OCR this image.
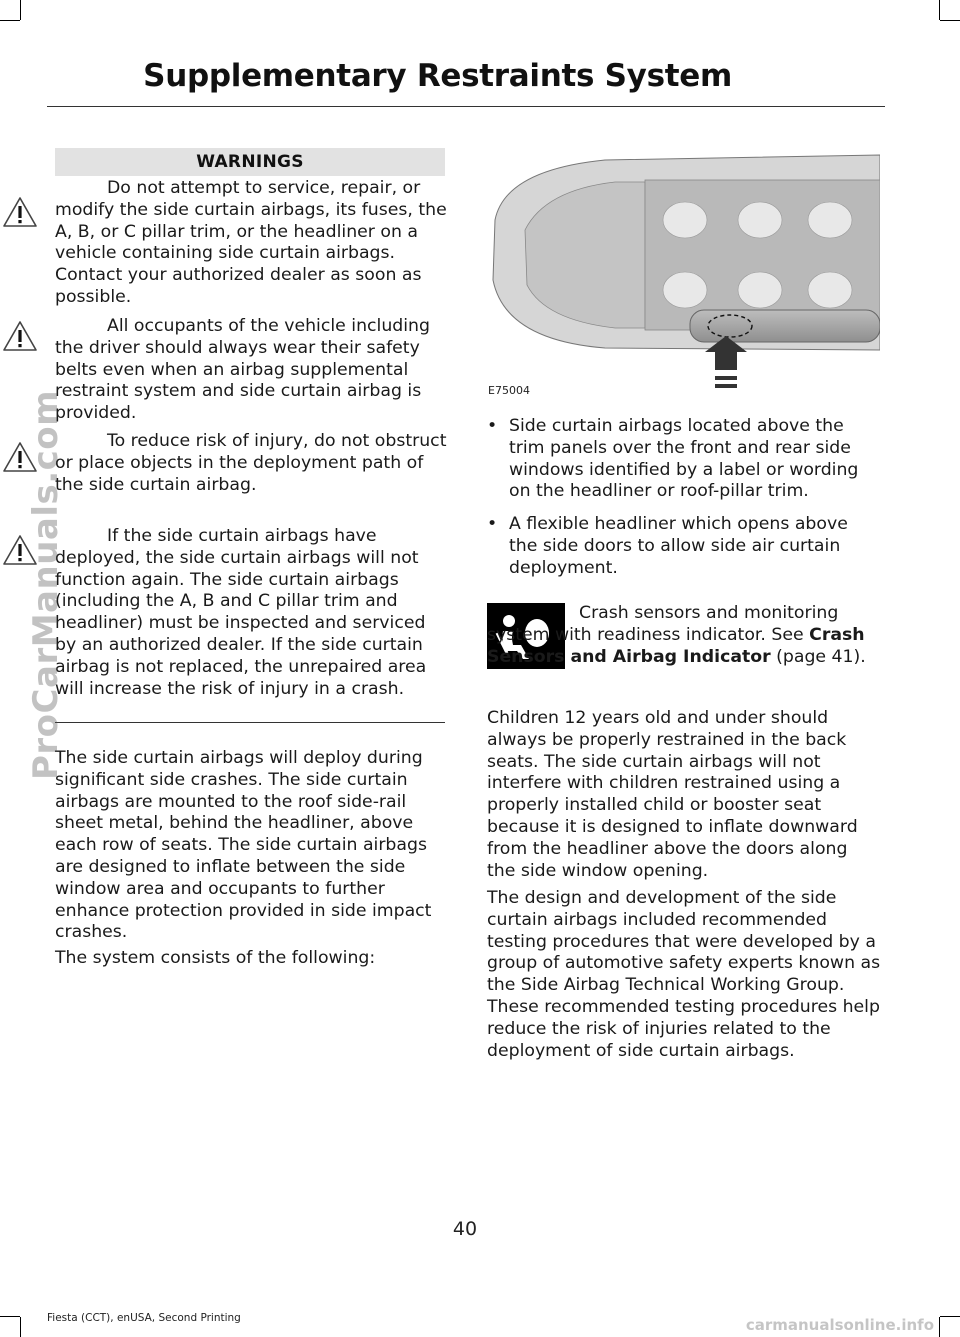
Supplementary Restraints System
WARNINGS

Do not attempt to service, repair, or modify the side curtain airbags, its fuses, the A, B, or C pillar trim, or the headliner on a vehicle containing side curtain airbags. Contact your authorized dealer as soon as possible.

All occupants of the vehicle including the driver should always wear their safety belts even when an airbag supplemental restraint system and side curtain airbag is provided.

To reduce risk of injury, do not obstruct or place objects in the deployment path of the side curtain airbag.

If the side curtain airbags have deployed, the side curtain airbags will not function again. The side curtain airbags (including the A, B and C pillar trim and headliner) must be inspected and serviced by an authorized dealer. If the side curtain airbag is not replaced, the unrepaired area will increase the risk of injury in a crash.

The side curtain airbags will deploy during significant side crashes. The side curtain airbags are mounted to the roof side-rail sheet metal, behind the headliner, above each row of seats. The side curtain airbags are designed to inflate between the side window area and occupants to further enhance protection provided in side impact crashes.

The system consists of the following:

E75004
• Side curtain airbags located above the trim panels over the front and rear side windows identified by a label or wording on the headliner or roof-pillar trim.
• A flexible headliner which opens above the side doors to allow side air curtain deployment.

Crash sensors and monitoring system with readiness indicator. See Crash Sensors and Airbag Indicator (page 41).

Children 12 years old and under should always be properly restrained in the back seats. The side curtain airbags will not interfere with children restrained using a properly installed child or booster seat because it is designed to inflate downward from the headliner above the doors along the side window opening.

The design and development of the side curtain airbags included recommended testing procedures that were developed by a group of automotive safety experts known as the Side Airbag Technical Working Group. These recommended testing procedures help reduce the risk of injuries related to the deployment of side curtain airbags.

40
Fiesta (CCT), enUSA, Second Printing
ProCarManuals.com
carmanualsonline.info
